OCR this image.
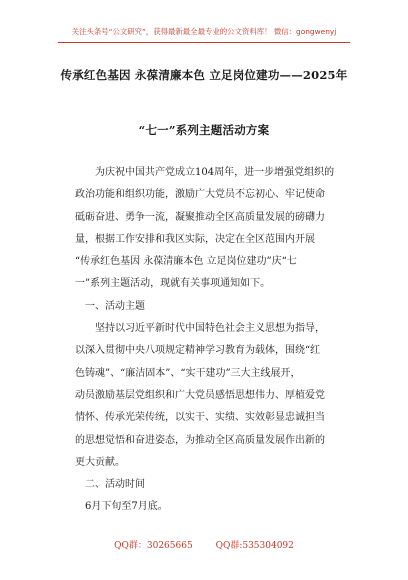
关注头条号“公文研究”，获得最新最全最专业的公文资料库！ 微信：gongwenyj
传承红色基因 永葆清廉本色 立足岗位建功——2025年
“七一”系列主题活动方案
为庆祝中国共产党成立104周年，进一步增强党组织的
政治功能和组织功能，激励广大党员不忘初心、牢记使命
砥砺奋进、勇争一流，凝聚推动全区高质量发展的磅礴力
量，根据工作安排和我区实际，决定在全区范围内开展
“传承红色基因 永葆清廉本色 立足岗位建功”庆“七
一”系列主题活动，现就有关事项通知如下。
一、活动主题
坚持以习近平新时代中国特色社会主义思想为指导，
以深入贯彻中央八项规定精神学习教育为载体，围绕“红
色铸魂”、“廉洁固本”、“实干建功”三大主线展开，
动员激励基层党组织和广大党员感悟思想伟力、厚植爱党
情怀、传承光荣传统，以实干、实绩、实效彰显忠诚担当
的思想觉悟和奋进姿态，为推动全区高质量发展作出新的
更大贡献。
二、活动时间
6月下旬至7月底。
QQ群：30265665	QQ群:535304092
